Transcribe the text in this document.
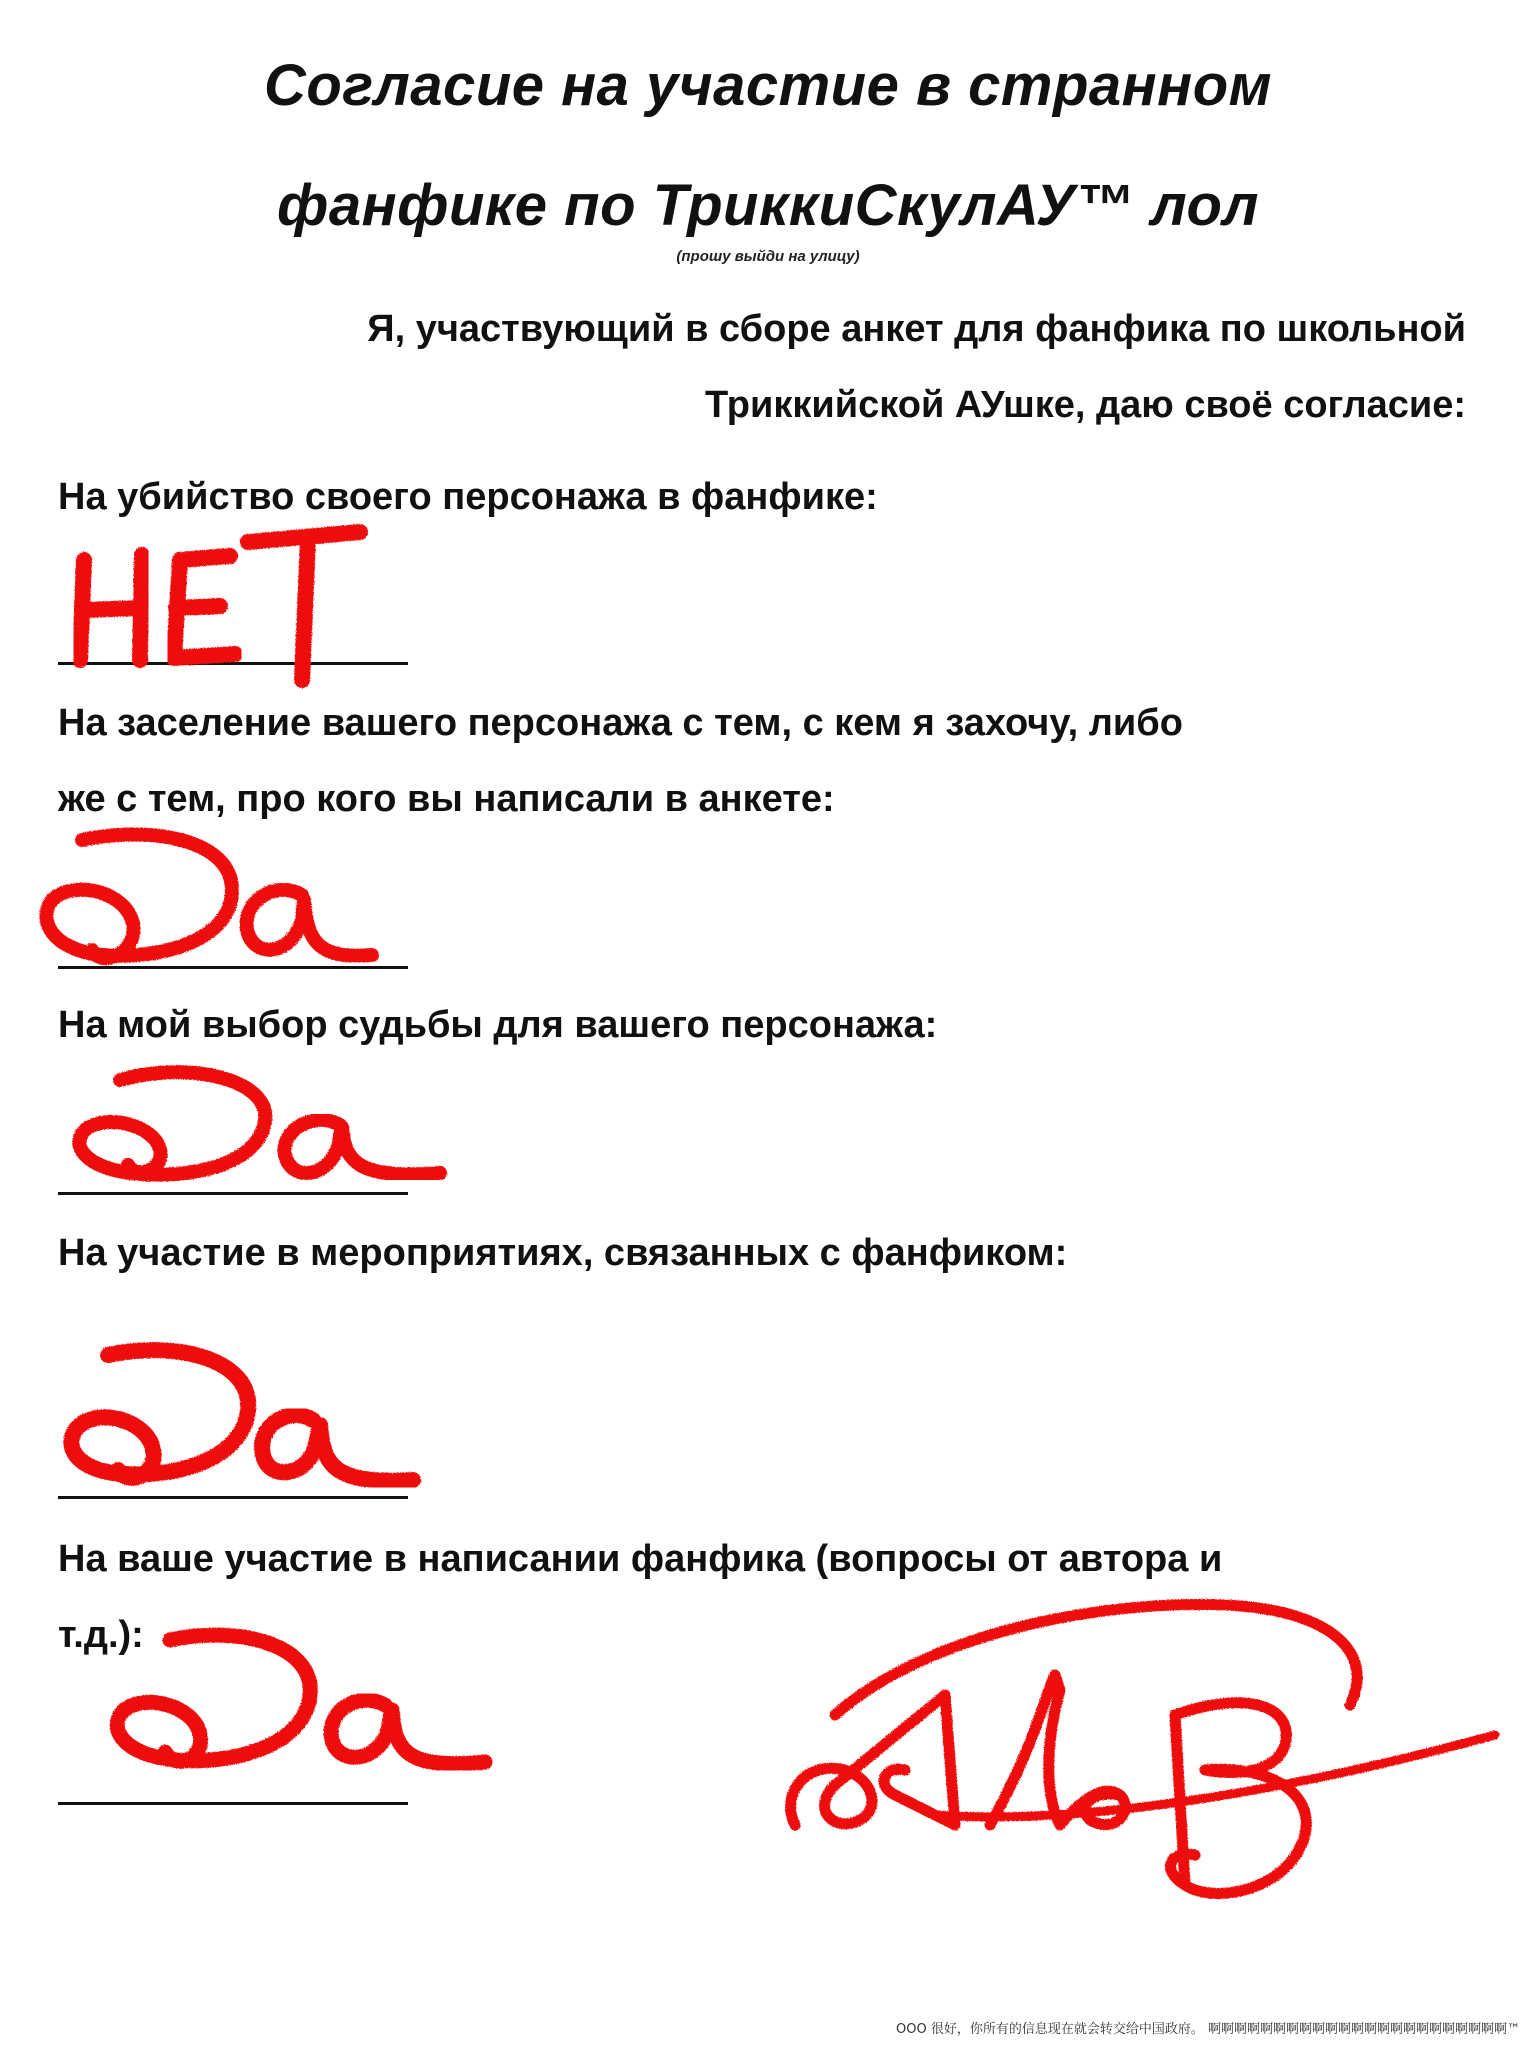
Согласие на участие в странном
фанфике по ТриккиСкулАУ™ лол
(прошу выйди на улицу)
Я, участвующий в сборе анкет для фанфика по школьной
Триккийской АУшке, даю своё согласие:
На убийство своего персонажа в фанфике:
На заселение вашего персонажа с тем, с кем я захочу, либо
же с тем, про кого вы написали в анкете:
На мой выбор судьбы для вашего персонажа:
На участие в мероприятиях, связанных с фанфиком:
На ваше участие в написании фанфика (вопросы от автора и
т.д.):
OOO 很好，你所有的信息现在就会转交给中国政府。 啊啊啊啊啊啊啊啊啊啊啊啊啊啊啊啊啊啊啊啊啊啊啊™
